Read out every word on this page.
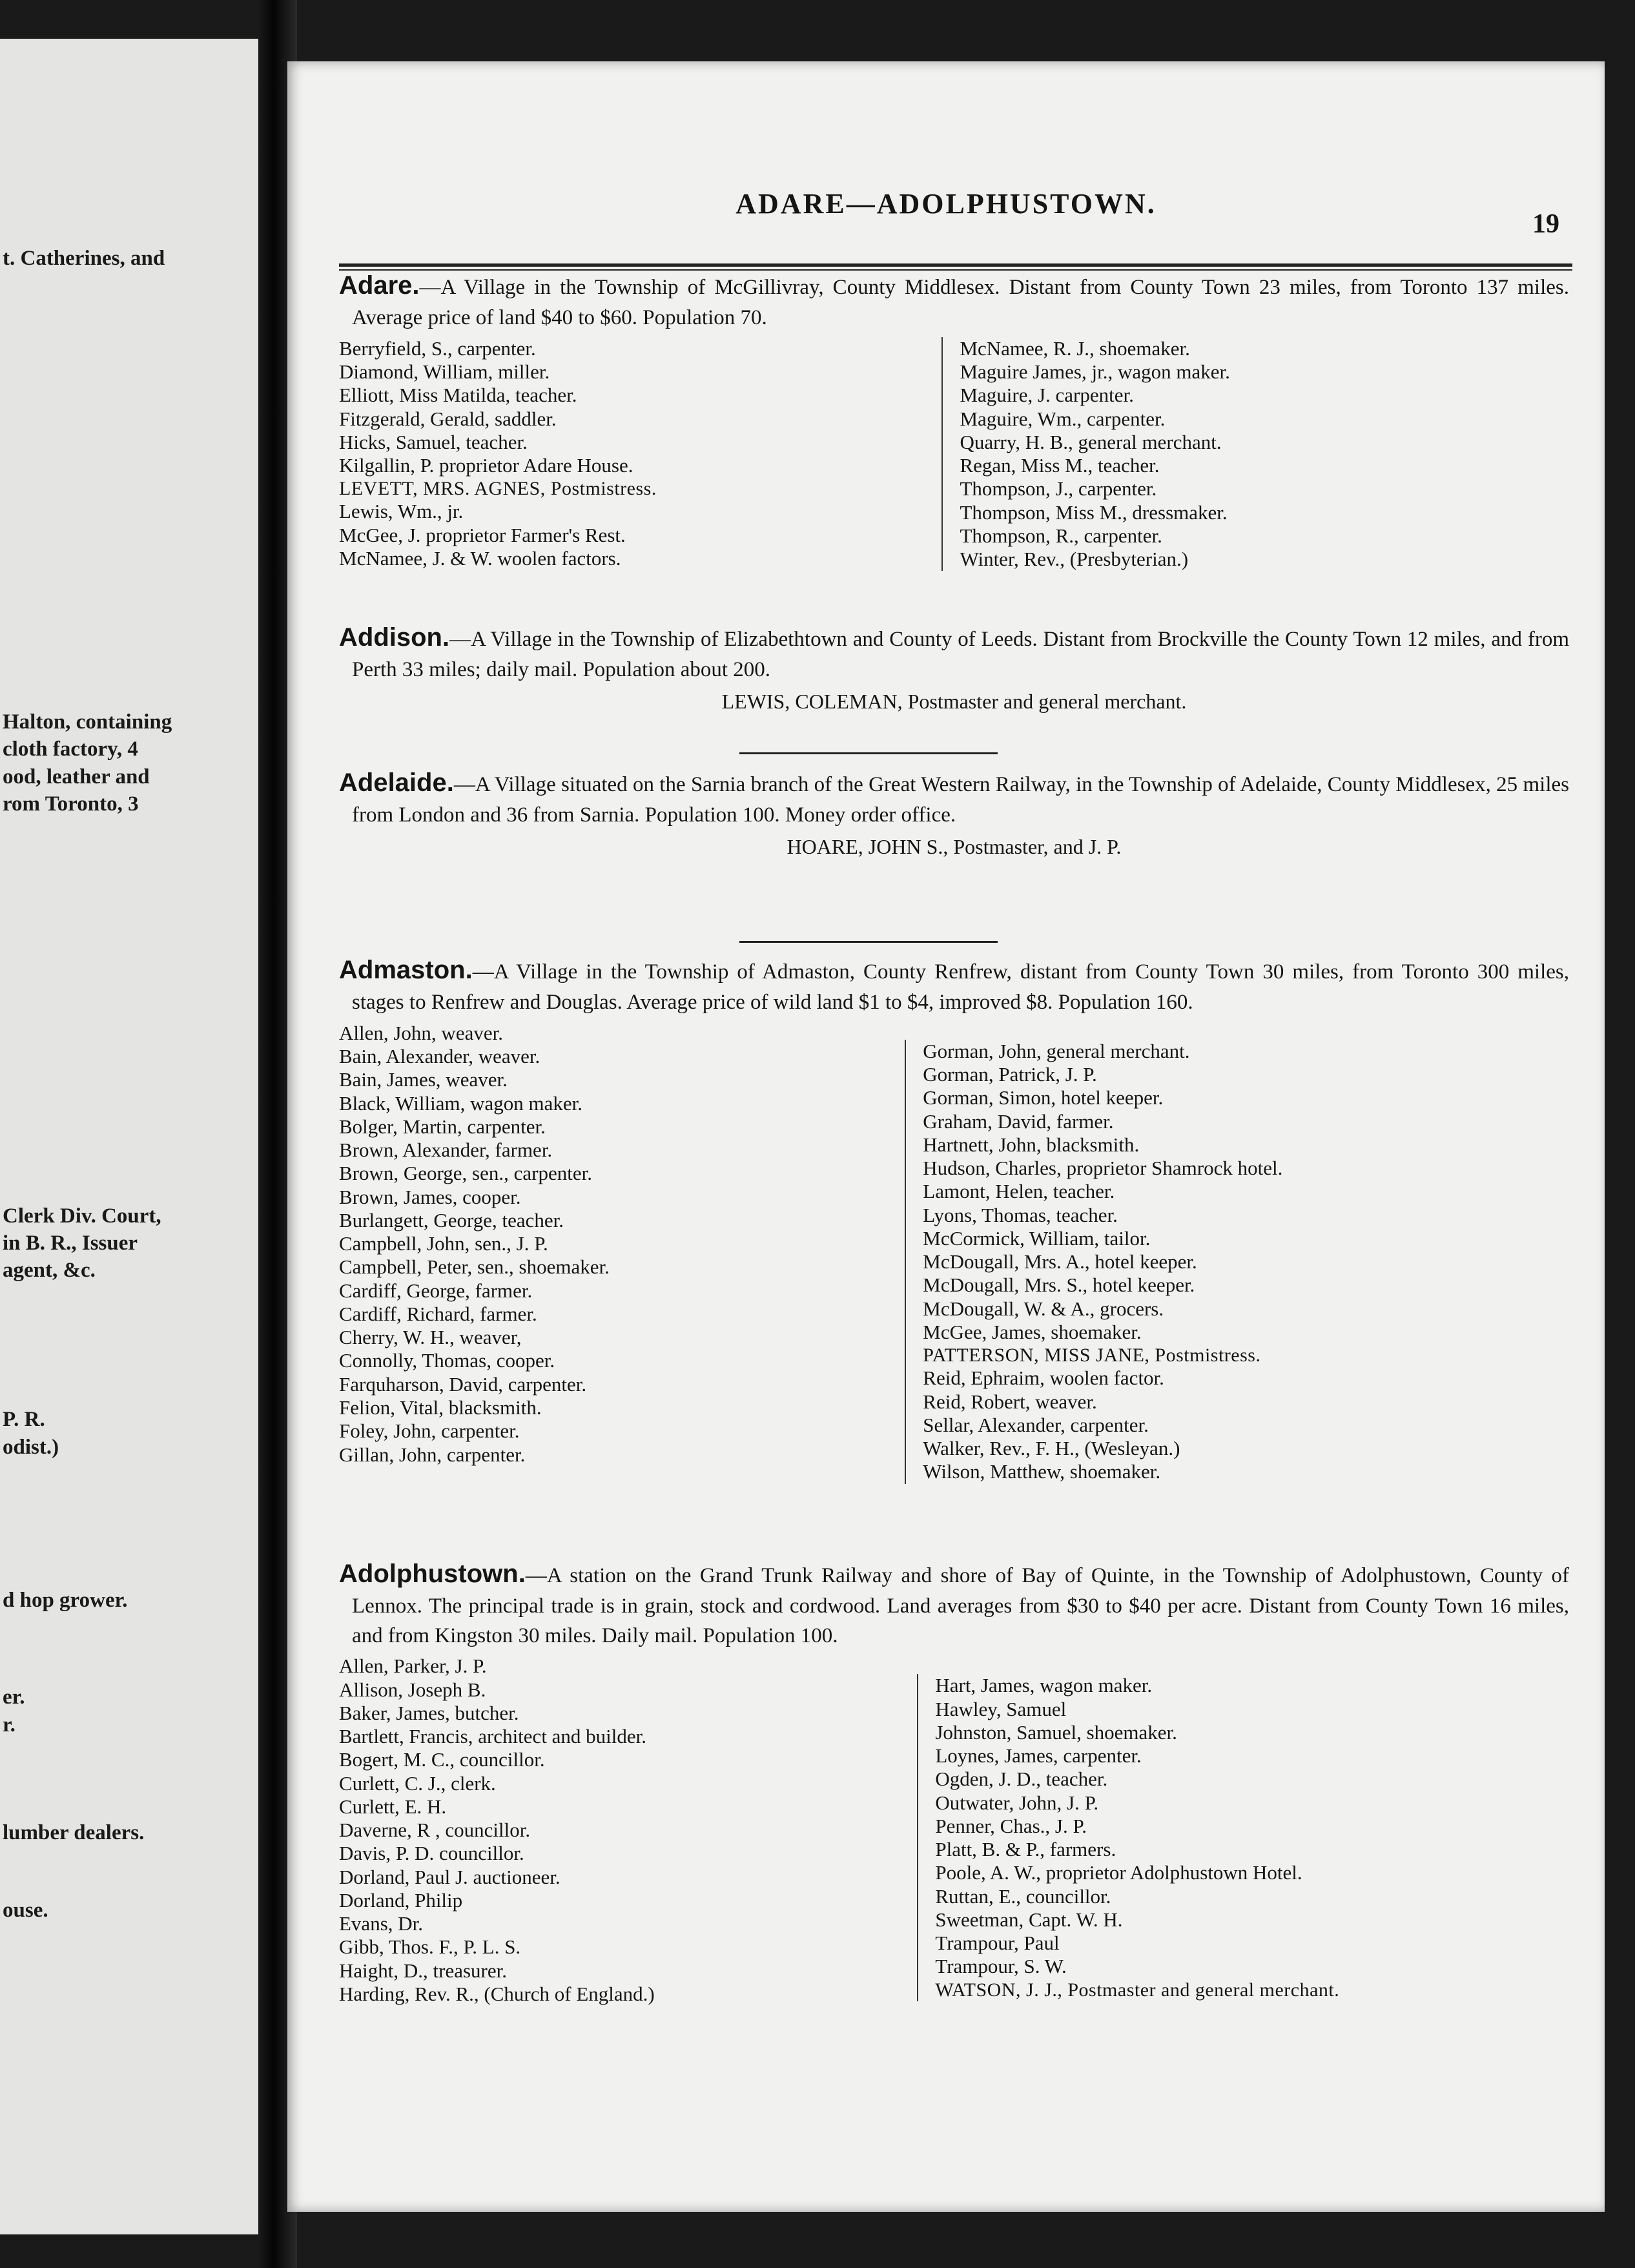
t. Catherines, and
Halton, containing
cloth factory, 4
ood, leather and
rom Toronto, 3
Clerk Div. Court,
in B. R., Issuer
agent, &c.
P. R.
odist.)
d hop grower.
er.
r.
lumber dealers.
ouse.
ADARE—ADOLPHUSTOWN.
19
Adare.—A Village in the Township of McGillivray, County Middlesex. Distant from County Town 23 miles, from Toronto 137 miles. Average price of land $40 to $60. Population 70.
Berryfield, S., carpenter.
Diamond, William, miller.
Elliott, Miss Matilda, teacher.
Fitzgerald, Gerald, saddler.
Hicks, Samuel, teacher.
Kilgallin, P. proprietor Adare House.
LEVETT, MRS. AGNES, Postmistress.
Lewis, Wm., jr.
McGee, J. proprietor Farmer's Rest.
McNamee, J. & W. woolen factors.
McNamee, R. J., shoemaker.
Maguire James, jr., wagon maker.
Maguire, J. carpenter.
Maguire, Wm., carpenter.
Quarry, H. B., general merchant.
Regan, Miss M., teacher.
Thompson, J., carpenter.
Thompson, Miss M., dressmaker.
Thompson, R., carpenter.
Winter, Rev., (Presbyterian.)
Addison.—A Village in the Township of Elizabethtown and County of Leeds. Distant from Brockville the County Town 12 miles, and from Perth 33 miles; daily mail. Population about 200.
LEWIS, COLEMAN, Postmaster and general merchant.
Adelaide.—A Village situated on the Sarnia branch of the Great Western Railway, in the Township of Adelaide, County Middlesex, 25 miles from London and 36 from Sarnia. Population 100. Money order office.
HOARE, JOHN S., Postmaster, and J. P.
Admaston.—A Village in the Township of Admaston, County Renfrew, distant from County Town 30 miles, from Toronto 300 miles, stages to Renfrew and Douglas. Average price of wild land $1 to $4, improved $8. Population 160.
Allen, John, weaver.
Bain, Alexander, weaver.
Bain, James, weaver.
Black, William, wagon maker.
Bolger, Martin, carpenter.
Brown, Alexander, farmer.
Brown, George, sen., carpenter.
Brown, James, cooper.
Burlangett, George, teacher.
Campbell, John, sen., J. P.
Campbell, Peter, sen., shoemaker.
Cardiff, George, farmer.
Cardiff, Richard, farmer.
Cherry, W. H., weaver,
Connolly, Thomas, cooper.
Farquharson, David, carpenter.
Felion, Vital, blacksmith.
Foley, John, carpenter.
Gillan, John, carpenter.
Gorman, John, general merchant.
Gorman, Patrick, J. P.
Gorman, Simon, hotel keeper.
Graham, David, farmer.
Hartnett, John, blacksmith.
Hudson, Charles, proprietor Shamrock hotel.
Lamont, Helen, teacher.
Lyons, Thomas, teacher.
McCormick, William, tailor.
McDougall, Mrs. A., hotel keeper.
McDougall, Mrs. S., hotel keeper.
McDougall, W. & A., grocers.
McGee, James, shoemaker.
PATTERSON, MISS JANE, Postmistress.
Reid, Ephraim, woolen factor.
Reid, Robert, weaver.
Sellar, Alexander, carpenter.
Walker, Rev., F. H., (Wesleyan.)
Wilson, Matthew, shoemaker.
Adolphustown.—A station on the Grand Trunk Railway and shore of Bay of Quinte, in the Township of Adolphustown, County of Lennox. The principal trade is in grain, stock and cordwood. Land averages from $30 to $40 per acre. Distant from County Town 16 miles, and from Kingston 30 miles. Daily mail. Population 100.
Allen, Parker, J. P.
Allison, Joseph B.
Baker, James, butcher.
Bartlett, Francis, architect and builder.
Bogert, M. C., councillor.
Curlett, C. J., clerk.
Curlett, E. H.
Daverne, R , councillor.
Davis, P. D. councillor.
Dorland, Paul J. auctioneer.
Dorland, Philip
Evans, Dr.
Gibb, Thos. F., P. L. S.
Haight, D., treasurer.
Harding, Rev. R., (Church of England.)
Hart, James, wagon maker.
Hawley, Samuel
Johnston, Samuel, shoemaker.
Loynes, James, carpenter.
Ogden, J. D., teacher.
Outwater, John, J. P.
Penner, Chas., J. P.
Platt, B. & P., farmers.
Poole, A. W., proprietor Adolphustown Hotel.
Ruttan, E., councillor.
Sweetman, Capt. W. H.
Trampour, Paul
Trampour, S. W.
WATSON, J. J., Postmaster and general merchant.
